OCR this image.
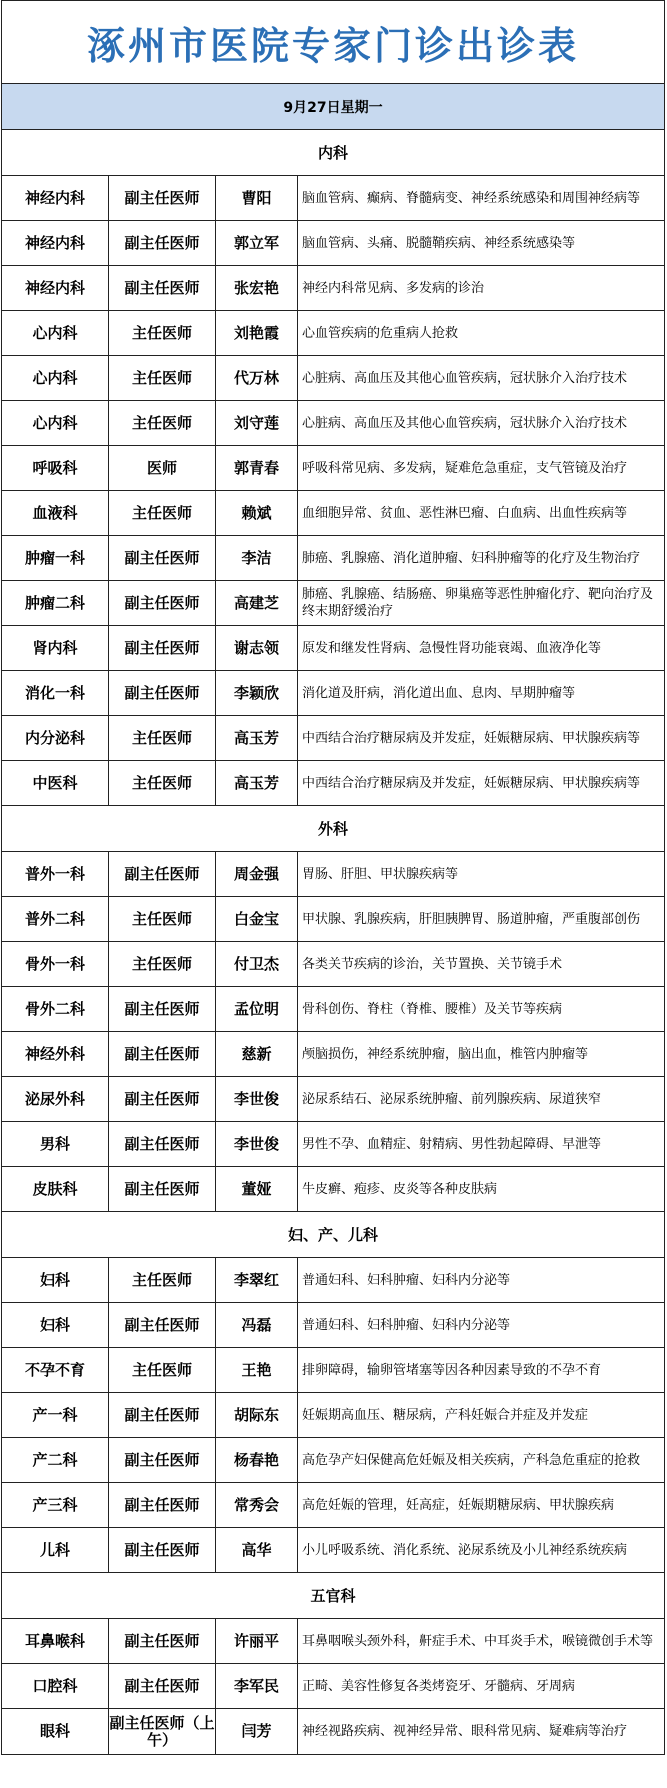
涿州市医院专家门诊出诊表
9月27日星期一
内科
神经内科	副主任医师	曹阳	脑血管病、癫病、脊髓病变、神经系统感染和周围神经病等
神经内科	副主任医师	郭立军	脑血管病、头痛、脱髓鞘疾病、神经系统感染等
神经内科	副主任医师	张宏艳	神经内科常见病、多发病的诊治
心内科	主任医师	刘艳霞	心血管疾病的危重病人抢救
心内科	主任医师	代万林	心脏病、高血压及其他心血管疾病，冠状脉介入治疗技术
心内科	主任医师	刘守莲	心脏病、高血压及其他心血管疾病，冠状脉介入治疗技术
呼吸科	医师	郭青春	呼吸科常见病、多发病，疑难危急重症，支气管镜及治疗
血液科	主任医师	赖斌	血细胞异常、贫血、恶性淋巴瘤、白血病、出血性疾病等
肿瘤一科	副主任医师	李洁	肺癌、乳腺癌、消化道肿瘤、妇科肿瘤等的化疗及生物治疗
肿瘤二科	副主任医师	高建芝	肺癌、乳腺癌、结肠癌、卵巢癌等恶性肿瘤化疗、靶向治疗及终末期舒缓治疗
肾内科	副主任医师	谢志领	原发和继发性肾病、急慢性肾功能衰竭、血液净化等
消化一科	副主任医师	李颖欣	消化道及肝病，消化道出血、息肉、早期肿瘤等
内分泌科	主任医师	高玉芳	中西结合治疗糖尿病及并发症，妊娠糖尿病、甲状腺疾病等
中医科	主任医师	高玉芳	中西结合治疗糖尿病及并发症，妊娠糖尿病、甲状腺疾病等
外科
普外一科	副主任医师	周金强	胃肠、肝胆、甲状腺疾病等
普外二科	主任医师	白金宝	甲状腺、乳腺疾病，肝胆胰脾胃、肠道肿瘤，严重腹部创伤
骨外一科	主任医师	付卫杰	各类关节疾病的诊治，关节置换、关节镜手术
骨外二科	副主任医师	孟位明	骨科创伤、脊柱（脊椎、腰椎）及关节等疾病
神经外科	副主任医师	慈新	颅脑损伤，神经系统肿瘤，脑出血，椎管内肿瘤等
泌尿外科	副主任医师	李世俊	泌尿系结石、泌尿系统肿瘤、前列腺疾病、尿道狭窄
男科	副主任医师	李世俊	男性不孕、血精症、射精病、男性勃起障碍、早泄等
皮肤科	副主任医师	董娅	牛皮癣、疱疹、皮炎等各种皮肤病
妇、产、儿科
妇科	主任医师	李翠红	普通妇科、妇科肿瘤、妇科内分泌等
妇科	副主任医师	冯磊	普通妇科、妇科肿瘤、妇科内分泌等
不孕不育	主任医师	王艳	排卵障碍，输卵管堵塞等因各种因素导致的不孕不育
产一科	副主任医师	胡际东	妊娠期高血压、糖尿病，产科妊娠合并症及并发症
产二科	副主任医师	杨春艳	高危孕产妇保健高危妊娠及相关疾病，产科急危重症的抢救
产三科	副主任医师	常秀会	高危妊娠的管理，妊高症，妊娠期糖尿病、甲状腺疾病
儿科	副主任医师	高华	小儿呼吸系统、消化系统、泌尿系统及小儿神经系统疾病
五官科
耳鼻喉科	副主任医师	许丽平	耳鼻咽喉头颈外科，鼾症手术、中耳炎手术，喉镜微创手术等
口腔科	副主任医师	李军民	正畸、美容性修复各类烤瓷牙、牙髓病、牙周病
眼科	副主任医师（上午）	闫芳	神经视路疾病、视神经异常、眼科常见病、疑难病等治疗
